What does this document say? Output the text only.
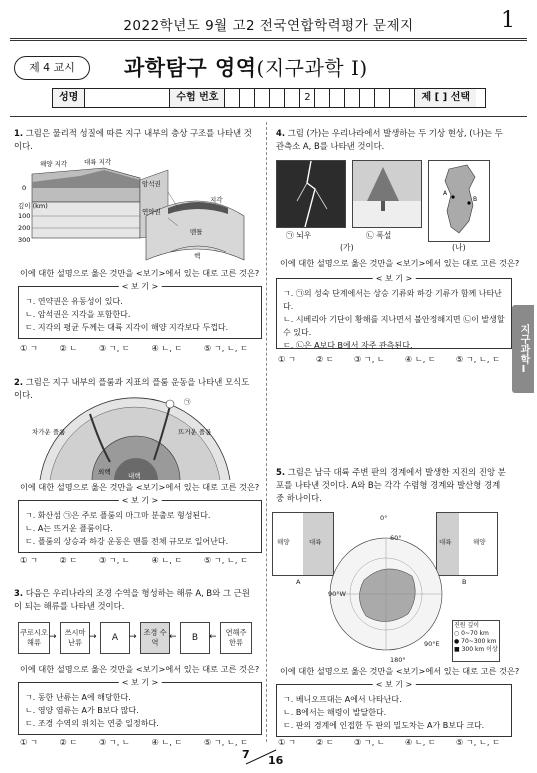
2022학년도 9월 고2 전국연합학력평가 문제지	1
제 4 교시	과학탐구 영역(지구과학 Ⅰ)
성명	수험 번호	2	제 [ ] 선택
지구과학Ⅰ
1. 그림은 물리적 성질에 따른 지구 내부의 층상 구조를 나타낸 것이다.
해양 지각	대륙 지각
암석권
연약권
지각
맨틀
핵
깊이 (km)
0
100
200
300
이에 대한 설명으로 옳은 것만을 <보기>에서 있는 대로 고른 것은?
< 보 기 >
ㄱ. 연약권은 유동성이 있다.
ㄴ. 암석권은 지각을 포함한다.
ㄷ. 지각의 평균 두께는 대륙 지각이 해양 지각보다 두껍다.
① ㄱ	② ㄴ	③ ㄱ, ㄷ	④ ㄴ, ㄷ	⑤ ㄱ, ㄴ, ㄷ
2. 그림은 지구 내부의 플룸과 지표의 플룸 운동을 나타낸 모식도이다.
㉠
뜨거운 플룸
차가운 플룸
외핵	내핵
이에 대한 설명으로 옳은 것만을 <보기>에서 있는 대로 고른 것은?
< 보 기 >
ㄱ. 화산섬 ㉠은 주로 플룸의 마그마 분출로 형성된다.
ㄴ. A는 뜨거운 플룸이다.
ㄷ. 플룸의 상승과 하강 운동은 맨틀 전체 규모로 일어난다.
① ㄱ	② ㄷ	③ ㄱ, ㄴ	④ ㄴ, ㄷ	⑤ ㄱ, ㄴ, ㄷ
3. 다음은 우리나라의 조경 수역을 형성하는 해류 A, B와 그 근원이 되는 해류를 나타낸 것이다.
쿠로시오 해류
→	쓰시마 난류
→	A	→ 조경 수역
←	B	←	연해주 한류
이에 대한 설명으로 옳은 것만을 <보기>에서 있는 대로 고른 것은?
< 보 기 >
ㄱ. 동한 난류는 A에 해당한다.
ㄴ. 영양 염류는 A가 B보다 많다.
ㄷ. 조경 수역의 위치는 연중 일정하다.
① ㄱ	② ㄷ	③ ㄱ, ㄴ	④ ㄴ, ㄷ	⑤ ㄱ, ㄴ, ㄷ
4. 그림 (가)는 우리나라에서 발생하는 두 기상 현상, (나)는 두 관측소 A, B를 나타낸 것이다.
A
B
㉠ 뇌우	㉡ 폭설
(가)	(나)
이에 대한 설명으로 옳은 것만을 <보기>에서 있는 대로 고른 것은?
< 보 기 >
ㄱ. ㉠의 성숙 단계에서는 상승 기류와 하강 기류가 함께 나타난다.
ㄴ. 시베리아 기단이 황해를 지나면서 불안정해지면 ㉡이 발생할 수 있다.
ㄷ. ㉡은 A보다 B에서 자주 관측된다.
① ㄱ ② ㄷ ③ ㄱ, ㄴ ④ ㄴ, ㄷ ⑤ ㄱ, ㄴ, ㄷ
5. 그림은 남극 대륙 주변 판의 경계에서 발생한 지진의 진앙 분포를 나타낸 것이다. A와 B는 각각 수렴형 경계와 발산형 경계 중 하나이다.
해양	대륙
A
대륙	해양
B
60°
90°W
90°E
180°
0°
진원 깊이
○ 0~70 km
● 70~300 km
■ 300 km 이상
이에 대한 설명으로 옳은 것만을 <보기>에서 있는 대로 고른 것은?
< 보 기 >
ㄱ. 베니오프대는 A에서 나타난다.
ㄴ. B에서는 해령이 발달한다.
ㄷ. 판의 경계에 인접한 두 판의 밀도차는 A가 B보다 크다.
① ㄱ ② ㄷ ③ ㄱ, ㄴ ④ ㄴ, ㄷ ⑤ ㄱ, ㄴ, ㄷ
7 16
